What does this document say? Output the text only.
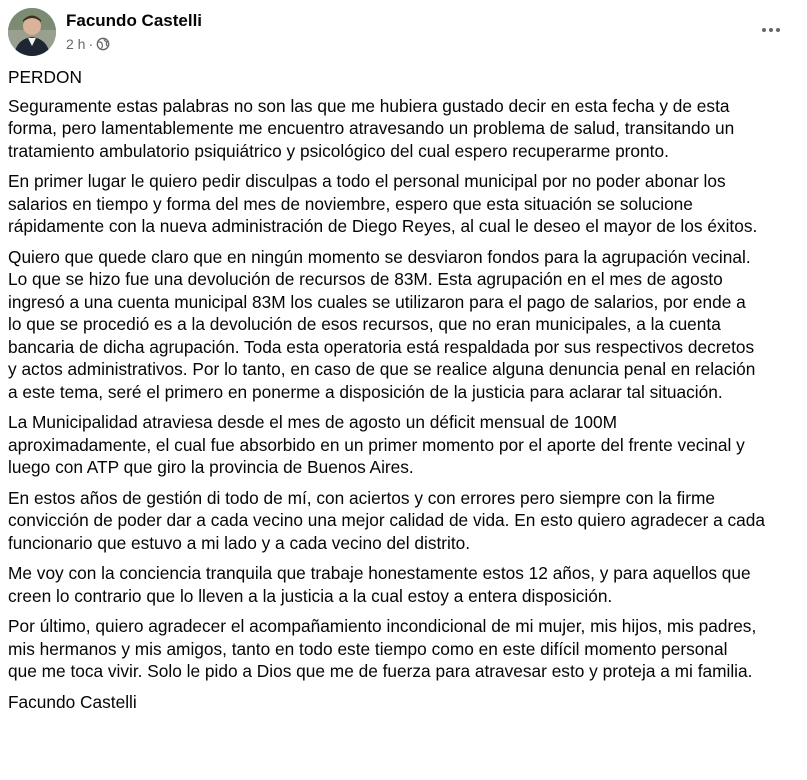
Facundo Castelli
2 h ·

PERDON

Seguramente estas palabras no son las que me hubiera gustado decir en esta fecha y de esta
forma, pero lamentablemente me encuentro atravesando un problema de salud, transitando un
tratamiento ambulatorio psiquiátrico y psicológico del cual espero recuperarme pronto.

En primer lugar le quiero pedir disculpas a todo el personal municipal por no poder abonar los
salarios en tiempo y forma del mes de noviembre, espero que esta situación se solucione
rápidamente con la nueva administración de Diego Reyes, al cual le deseo el mayor de los éxitos.

Quiero que quede claro que en ningún momento se desviaron fondos para la agrupación vecinal.
Lo que se hizo fue una devolución de recursos de 83M. Esta agrupación en el mes de agosto
ingresó a una cuenta municipal 83M los cuales se utilizaron para el pago de salarios, por ende a
lo que se procedió es a la devolución de esos recursos, que no eran municipales, a la cuenta
bancaria de dicha agrupación. Toda esta operatoria está respaldada por sus respectivos decretos
y actos administrativos. Por lo tanto, en caso de que se realice alguna denuncia penal en relación
a este tema, seré el primero en ponerme a disposición de la justicia para aclarar tal situación.

La Municipalidad atraviesa desde el mes de agosto un déficit mensual de 100M
aproximadamente, el cual fue absorbido en un primer momento por el aporte del frente vecinal y
luego con ATP que giro la provincia de Buenos Aires.

En estos años de gestión di todo de mí, con aciertos y con errores pero siempre con la firme
convicción de poder dar a cada vecino una mejor calidad de vida. En esto quiero agradecer a cada
funcionario que estuvo a mi lado y a cada vecino del distrito.

Me voy con la conciencia tranquila que trabaje honestamente estos 12 años, y para aquellos que
creen lo contrario que lo lleven a la justicia a la cual estoy a entera disposición.

Por último, quiero agradecer el acompañamiento incondicional de mi mujer, mis hijos, mis padres,
mis hermanos y mis amigos, tanto en todo este tiempo como en este difícil momento personal
que me toca vivir. Solo le pido a Dios que me de fuerza para atravesar esto y proteja a mi familia.

Facundo Castelli
